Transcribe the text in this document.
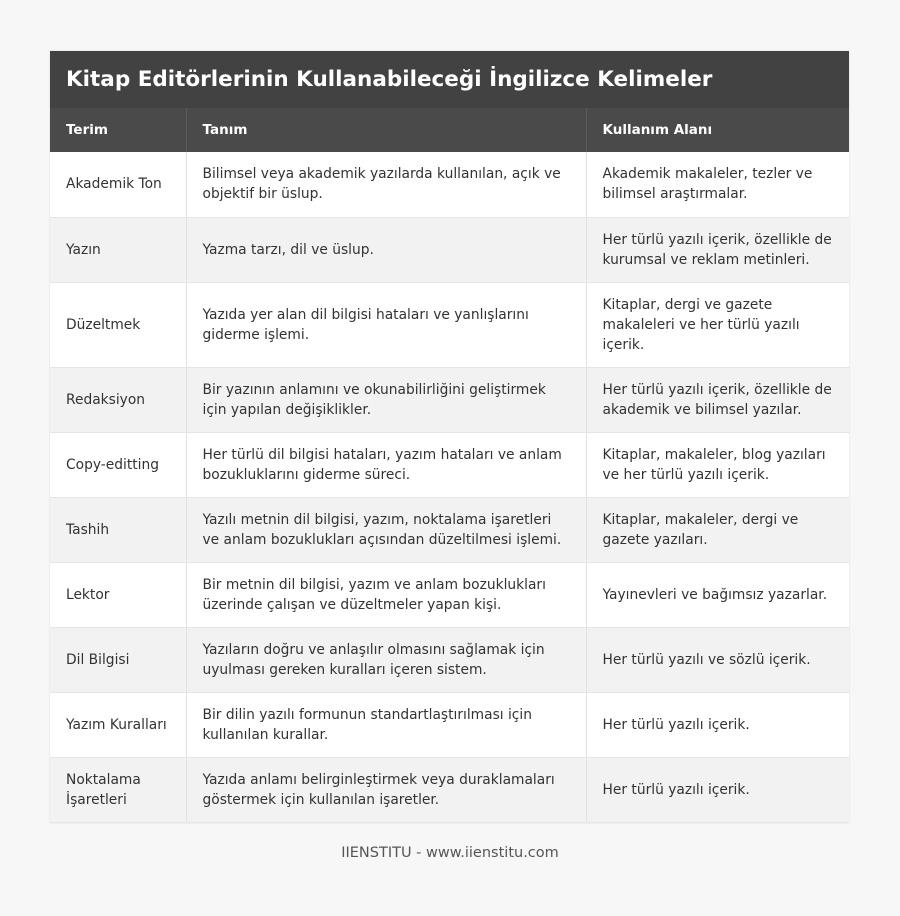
Kitap Editörlerinin Kullanabileceği İngilizce Kelimeler
Terim	Tanım	Kullanım Alanı
Akademik Ton	Bilimsel veya akademik yazılarda kullanılan, açık ve objektif bir üslup.	Akademik makaleler, tezler ve bilimsel araştırmalar.
Yazın	Yazma tarzı, dil ve üslup.	Her türlü yazılı içerik, özellikle de kurumsal ve reklam metinleri.
Düzeltmek	Yazıda yer alan dil bilgisi hataları ve yanlışlarını giderme işlemi.	Kitaplar, dergi ve gazete makaleleri ve her türlü yazılı içerik.
Redaksiyon	Bir yazının anlamını ve okunabilirliğini geliştirmek için yapılan değişiklikler.	Her türlü yazılı içerik, özellikle de akademik ve bilimsel yazılar.
Copy-editting	Her türlü dil bilgisi hataları, yazım hataları ve anlam bozukluklarını giderme süreci.	Kitaplar, makaleler, blog yazıları ve her türlü yazılı içerik.
Tashih	Yazılı metnin dil bilgisi, yazım, noktalama işaretleri ve anlam bozuklukları açısından düzeltilmesi işlemi.	Kitaplar, makaleler, dergi ve gazete yazıları.
Lektor	Bir metnin dil bilgisi, yazım ve anlam bozuklukları üzerinde çalışan ve düzeltmeler yapan kişi.	Yayınevleri ve bağımsız yazarlar.
Dil Bilgisi	Yazıların doğru ve anlaşılır olmasını sağlamak için uyulması gereken kuralları içeren sistem.	Her türlü yazılı ve sözlü içerik.
Yazım Kuralları	Bir dilin yazılı formunun standartlaştırılması için kullanılan kurallar.	Her türlü yazılı içerik.
Noktalama İşaretleri	Yazıda anlamı belirginleştirmek veya duraklamaları göstermek için kullanılan işaretler.	Her türlü yazılı içerik.
IIENSTITU - www.iienstitu.com
